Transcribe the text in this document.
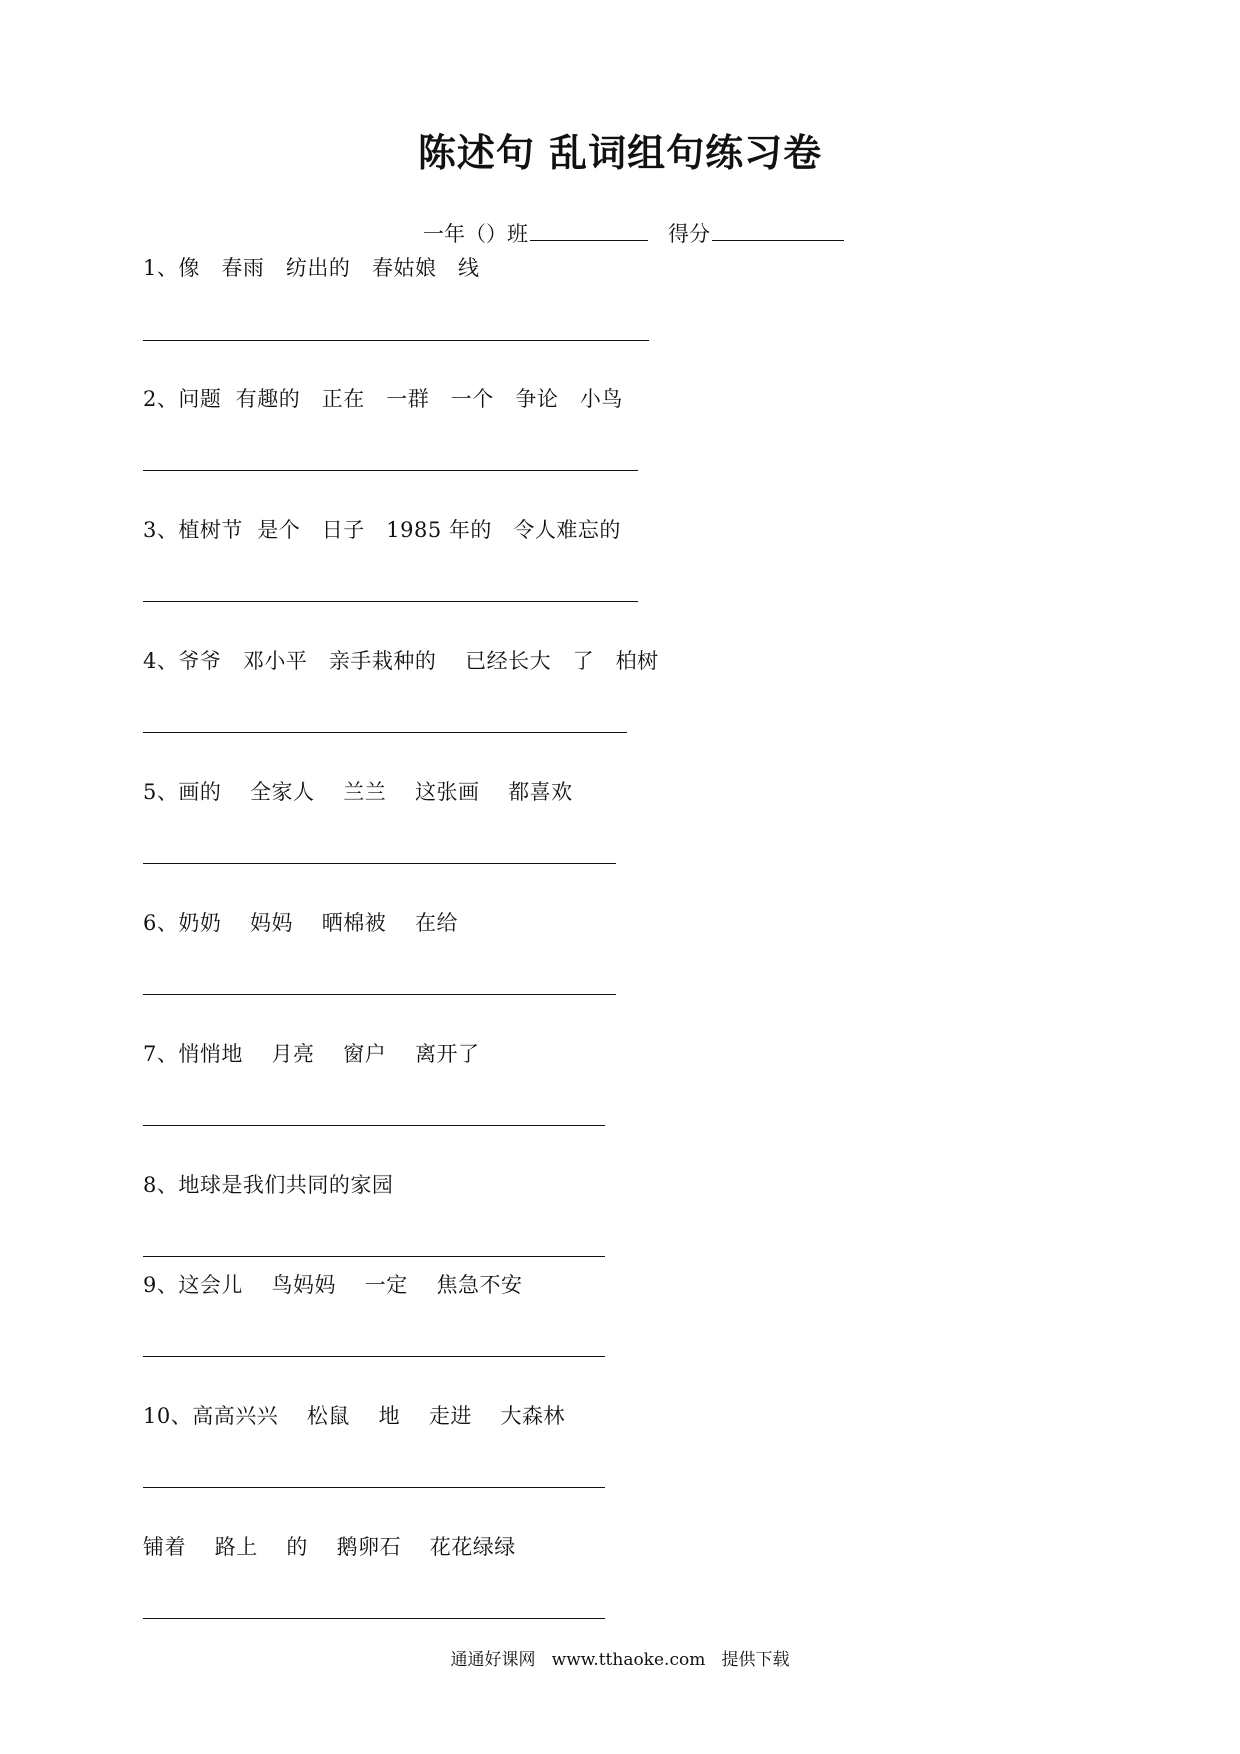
陈述句 乱词组句练习卷
一年（）班	得分
1、像   春雨   纺出的   春姑娘   线
2、问题  有趣的   正在   一群   一个   争论   小鸟
3、植树节  是个   日子   1985 年的   令人难忘的
4、爷爷   邓小平   亲手栽种的    已经长大   了   柏树
5、画的    全家人    兰兰    这张画    都喜欢
6、奶奶    妈妈    晒棉被    在给
7、悄悄地    月亮    窗户    离开了
8、地球是我们共同的家园
9、这会儿    鸟妈妈    一定    焦急不安
10、高高兴兴    松鼠    地    走进    大森林
铺着    路上    的    鹅卵石    花花绿绿
通通好课网   www.tthaoke.com   提供下载
